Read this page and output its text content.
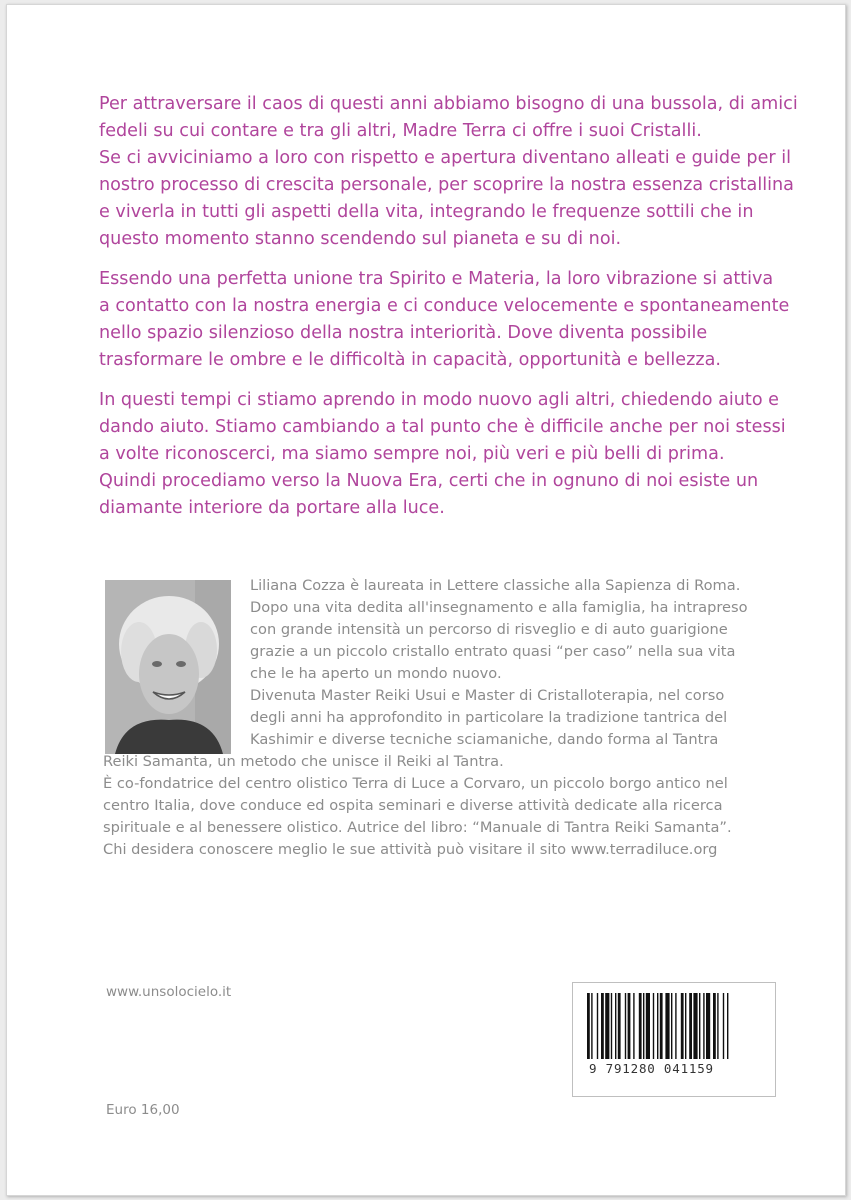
Per attraversare il caos di questi anni abbiamo bisogno di una bussola, di amici
fedeli su cui contare e tra gli altri, Madre Terra ci offre i suoi Cristalli.
Se ci avviciniamo a loro con rispetto e apertura diventano alleati e guide per il
nostro processo di crescita personale, per scoprire la nostra essenza cristallina
e viverla in tutti gli aspetti della vita, integrando le frequenze sottili che in
questo momento stanno scendendo sul pianeta e su di noi.

Essendo una perfetta unione tra Spirito e Materia, la loro vibrazione si attiva
a contatto con la nostra energia e ci conduce velocemente e spontaneamente
nello spazio silenzioso della nostra interiorità. Dove diventa possibile
trasformare le ombre e le difficoltà in capacità, opportunità e bellezza.

In questi tempi ci stiamo aprendo in modo nuovo agli altri, chiedendo aiuto e
dando aiuto. Stiamo cambiando a tal punto che è difficile anche per noi stessi
a volte riconoscerci, ma siamo sempre noi, più veri e più belli di prima.
Quindi procediamo verso la Nuova Era, certi che in ognuno di noi esiste un
diamante interiore da portare alla luce.

Liliana Cozza è laureata in Lettere classiche alla Sapienza di Roma.
Dopo una vita dedita all'insegnamento e alla famiglia, ha intrapreso
con grande intensità un percorso di risveglio e di auto guarigione
grazie a un piccolo cristallo entrato quasi “per caso” nella sua vita
che le ha aperto un mondo nuovo.
Divenuta Master Reiki Usui e Master di Cristalloterapia, nel corso
degli anni ha approfondito in particolare la tradizione tantrica del
Kashimir e diverse tecniche sciamaniche, dando forma al Tantra
Reiki Samanta, un metodo che unisce il Reiki al Tantra.
È co-fondatrice del centro olistico Terra di Luce a Corvaro, un piccolo borgo antico nel
centro Italia, dove conduce ed ospita seminari e diverse attività dedicate alla ricerca
spirituale e al benessere olistico. Autrice del libro: “Manuale di Tantra Reiki Samanta”.
Chi desidera conoscere meglio le sue attività può visitare il sito www.terradiluce.org
www.unsolocielo.it
Euro 16,00
9 791280 041159
